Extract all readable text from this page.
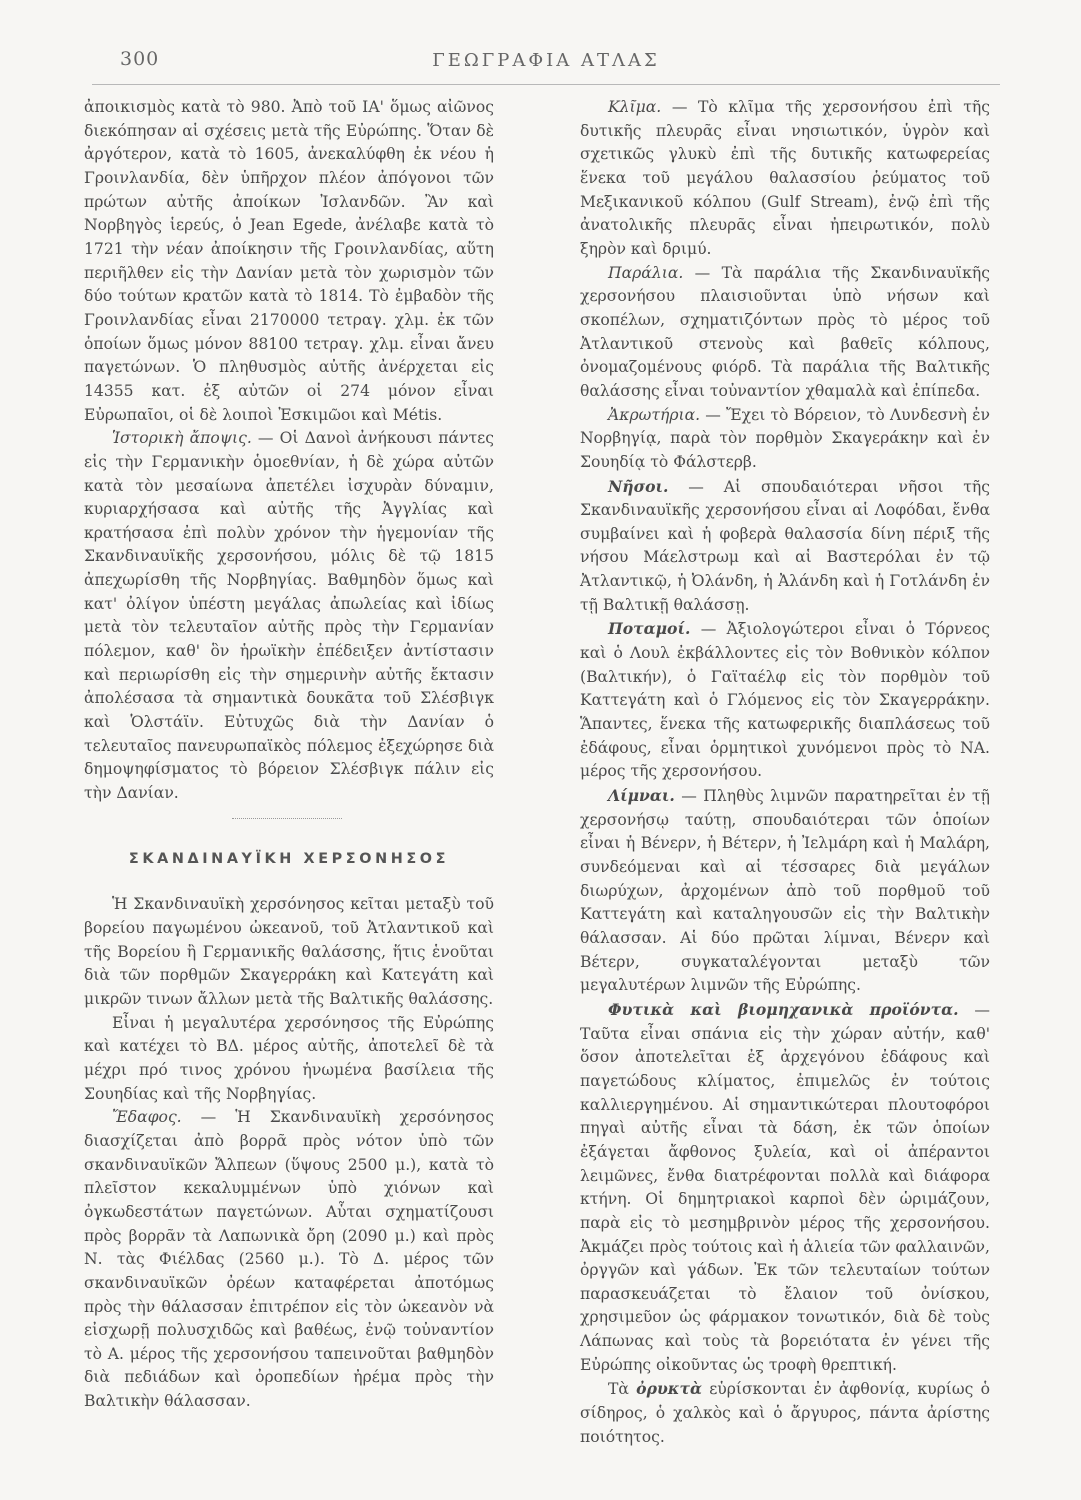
300	ΓΕΩΓΡΑΦΙΑ ΑΤΛΑΣ

ἀποικισμὸς κατὰ τὸ 980. Ἀπὸ τοῦ ΙΑ' ὅμως αἰῶνος διεκόπησαν αἱ σχέσεις μετὰ τῆς Εὐρώπης. Ὅταν δὲ ἀργότερον, κατὰ τὸ 1605, ἀνεκαλύφθη ἐκ νέου ἡ Γροινλανδία, δὲν ὑπῆρχον πλέον ἀπόγονοι τῶν πρώτων αὐτῆς ἀποίκων Ἰσλανδῶν. Ἂν καὶ Νορβηγὸς ἱερεύς, ὁ Jean Egede, ἀνέλαβε κατὰ τὸ 1721 τὴν νέαν ἀποίκησιν τῆς Γροινλανδίας, αὕτη περιῆλθεν εἰς τὴν Δανίαν μετὰ τὸν χωρισμὸν τῶν δύο τούτων κρατῶν κατὰ τὸ 1814. Τὸ ἐμβαδὸν τῆς Γροινλανδίας εἶναι 2170000 τετραγ. χλμ. ἐκ τῶν ὁποίων ὅμως μόνον 88100 τετραγ. χλμ. εἶναι ἄνευ παγετώνων. Ὁ πληθυσμὸς αὐτῆς ἀνέρχεται εἰς 14355 κατ. ἐξ αὐτῶν οἱ 274 μόνον εἶναι Εὐρωπαῖοι, οἱ δὲ λοιποὶ Ἐσκιμῶοι καὶ Métis.

Ἱστορικὴ ἄποψις. — Οἱ Δανοὶ ἀνήκουσι πάντες εἰς τὴν Γερμανικὴν ὁμοεθνίαν, ἡ δὲ χώρα αὐτῶν κατὰ τὸν μεσαίωνα ἀπετέλει ἰσχυρὰν δύναμιν, κυριαρχήσασα καὶ αὐτῆς τῆς Ἀγγλίας καὶ κρατήσασα ἐπὶ πολὺν χρόνον τὴν ἡγεμονίαν τῆς Σκανδιναυϊκῆς χερσονήσου, μόλις δὲ τῷ 1815 ἀπεχωρίσθη τῆς Νορβηγίας. Βαθμηδὸν ὅμως καὶ κατ' ὀλίγον ὑπέστη μεγάλας ἀπωλείας καὶ ἰδίως μετὰ τὸν τελευταῖον αὐτῆς πρὸς τὴν Γερμανίαν πόλεμον, καθ' ὃν ἡρωϊκὴν ἐπέδειξεν ἀντίστασιν καὶ περιωρίσθη εἰς τὴν σημερινὴν αὐτῆς ἔκτασιν ἀπολέσασα τὰ σημαντικὰ δουκᾶτα τοῦ Σλέσβιγκ καὶ Ὁλστάϊν. Εὐτυχῶς διὰ τὴν Δανίαν ὁ τελευταῖος πανευρωπαϊκὸς πόλεμος ἐξεχώρησε διὰ δημοψηφίσματος τὸ βόρειον Σλέσβιγκ πάλιν εἰς τὴν Δανίαν.

ΣΚΑΝΔΙΝΑΥΪΚΗ ΧΕΡΣΟΝΗΣΟΣ

Ἡ Σκανδιναυϊκὴ χερσόνησος κεῖται μεταξὺ τοῦ βορείου παγωμένου ὠκεανοῦ, τοῦ Ἀτλαντικοῦ καὶ τῆς Βορείου ἢ Γερμανικῆς θαλάσσης, ἥτις ἑνοῦται διὰ τῶν πορθμῶν Σκαγερράκη καὶ Κατεγάτη καὶ μικρῶν τινων ἄλλων μετὰ τῆς Βαλτικῆς θαλάσσης.

Εἶναι ἡ μεγαλυτέρα χερσόνησος τῆς Εὐρώπης καὶ κατέχει τὸ ΒΔ. μέρος αὐτῆς, ἀποτελεῖ δὲ τὰ μέχρι πρό τινος χρόνου ἡνωμένα βασίλεια τῆς Σουηδίας καὶ τῆς Νορβηγίας.

Ἔδαφος. — Ἡ Σκανδιναυϊκὴ χερσόνησος διασχίζεται ἀπὸ βορρᾶ πρὸς νότον ὑπὸ τῶν σκανδιναυϊκῶν Ἄλπεων (ὕψους 2500 μ.), κατὰ τὸ πλεῖστον κεκαλυμμένων ὑπὸ χιόνων καὶ ὀγκωδεστάτων παγετώνων. Αὗται σχηματίζουσι πρὸς βορρᾶν τὰ Λαπωνικὰ ὄρη (2090 μ.) καὶ πρὸς Ν. τὰς Φιέλδας (2560 μ.). Τὸ Δ. μέρος τῶν σκανδιναυϊκῶν ὀρέων καταφέρεται ἀποτόμως πρὸς τὴν θάλασσαν ἐπιτρέπον εἰς τὸν ὠκεανὸν νὰ εἰσχωρῇ πολυσχιδῶς καὶ βαθέως, ἐνῷ τοὐναντίον τὸ Α. μέρος τῆς χερσονήσου ταπεινοῦται βαθμηδὸν διὰ πεδιάδων καὶ ὀροπεδίων ἠρέμα πρὸς τὴν Βαλτικὴν θάλασσαν.

Κλῖμα. — Τὸ κλῖμα τῆς χερσονήσου ἐπὶ τῆς δυτικῆς πλευρᾶς εἶναι νησιωτικόν, ὑγρὸν καὶ σχετικῶς γλυκὺ ἐπὶ τῆς δυτικῆς κατωφερείας ἕνεκα τοῦ μεγάλου θαλασσίου ῥεύματος τοῦ Μεξικανικοῦ κόλπου (Gulf Stream), ἐνῷ ἐπὶ τῆς ἀνατολικῆς πλευρᾶς εἶναι ἠπειρωτικόν, πολὺ ξηρὸν καὶ δριμύ.

Παράλια. — Τὰ παράλια τῆς Σκανδιναυϊκῆς χερσονήσου πλαισιοῦνται ὑπὸ νήσων καὶ σκοπέλων, σχηματιζόντων πρὸς τὸ μέρος τοῦ Ἀτλαντικοῦ στενοὺς καὶ βαθεῖς κόλπους, ὀνομαζομένους φιόρδ. Τὰ παράλια τῆς Βαλτικῆς θαλάσσης εἶναι τοὐναντίον χθαμαλὰ καὶ ἐπίπεδα.

Ἀκρωτήρια. — Ἔχει τὸ Βόρειον, τὸ Λυνδεσνὴ ἐν Νορβηγίᾳ, παρὰ τὸν πορθμὸν Σκαγεράκην καὶ ἐν Σουηδίᾳ τὸ Φάλστερβ.

Νῆσοι. — Αἱ σπουδαιότεραι νῆσοι τῆς Σκανδιναυϊκῆς χερσονήσου εἶναι αἱ Λοφόδαι, ἔνθα συμβαίνει καὶ ἡ φοβερὰ θαλασσία δίνη πέριξ τῆς νήσου Μάελστρωμ καὶ αἱ Βαστερόλαι ἐν τῷ Ἀτλαντικῷ, ἡ Ὀλάνδη, ἡ Ἀλάνδη καὶ ἡ Γοτλάνδη ἐν τῇ Βαλτικῇ θαλάσσῃ.

Ποταμοί. — Ἀξιολογώτεροι εἶναι ὁ Τόρνεος καὶ ὁ Λουλ ἐκβάλλοντες εἰς τὸν Βοθνικὸν κόλπον (Βαλτικήν), ὁ Γαϊταέλφ εἰς τὸν πορθμὸν τοῦ Καττεγάτη καὶ ὁ Γλόμενος εἰς τὸν Σκαγερράκην. Ἅπαντες, ἕνεκα τῆς κατωφερικῆς διαπλάσεως τοῦ ἐδάφους, εἶναι ὁρμητικοὶ χυνόμενοι πρὸς τὸ ΝΑ. μέρος τῆς χερσονήσου.

Λίμναι. — Πληθὺς λιμνῶν παρατηρεῖται ἐν τῇ χερσονήσῳ ταύτῃ, σπουδαιότεραι τῶν ὁποίων εἶναι ἡ Βένερν, ἡ Βέτερν, ἡ Ἰελμάρη καὶ ἡ Μαλάρη, συνδεόμεναι καὶ αἱ τέσσαρες διὰ μεγάλων διωρύχων, ἀρχομένων ἀπὸ τοῦ πορθμοῦ τοῦ Καττεγάτη καὶ καταληγουσῶν εἰς τὴν Βαλτικὴν θάλασσαν. Αἱ δύο πρῶται λίμναι, Βένερν καὶ Βέτερν, συγκαταλέγονται μεταξὺ τῶν μεγαλυτέρων λιμνῶν τῆς Εὐρώπης.

Φυτικὰ καὶ βιομηχανικὰ προϊόντα. — Ταῦτα εἶναι σπάνια εἰς τὴν χώραν αὐτήν, καθ' ὅσον ἀποτελεῖται ἐξ ἀρχεγόνου ἐδάφους καὶ παγετώδους κλίματος, ἐπιμελῶς ἐν τούτοις καλλιεργημένου. Αἱ σημαντικώτεραι πλουτοφόροι πηγαὶ αὐτῆς εἶναι τὰ δάση, ἐκ τῶν ὁποίων ἐξάγεται ἄφθονος ξυλεία, καὶ οἱ ἀπέραντοι λειμῶνες, ἔνθα διατρέφονται πολλὰ καὶ διάφορα κτήνη. Οἱ δημητριακοὶ καρποὶ δὲν ὡριμάζουν, παρὰ εἰς τὸ μεσημβρινὸν μέρος τῆς χερσονήσου. Ἀκμάζει πρὸς τούτοις καὶ ἡ ἁλιεία τῶν φαλλαινῶν, ὀργγῶν καὶ γάδων. Ἐκ τῶν τελευταίων τούτων παρασκευάζεται τὸ ἔλαιον τοῦ ὀνίσκου, χρησιμεῦον ὡς φάρμακον τονωτικόν, διὰ δὲ τοὺς Λάπωνας καὶ τοὺς τὰ βορειότατα ἐν γένει τῆς Εὐρώπης οἰκοῦντας ὡς τροφὴ θρεπτική.

Τὰ ὀρυκτὰ εὑρίσκονται ἐν ἀφθονίᾳ, κυρίως ὁ σίδηρος, ὁ χαλκὸς καὶ ὁ ἄργυρος, πάντα ἀρίστης ποιότητος.
